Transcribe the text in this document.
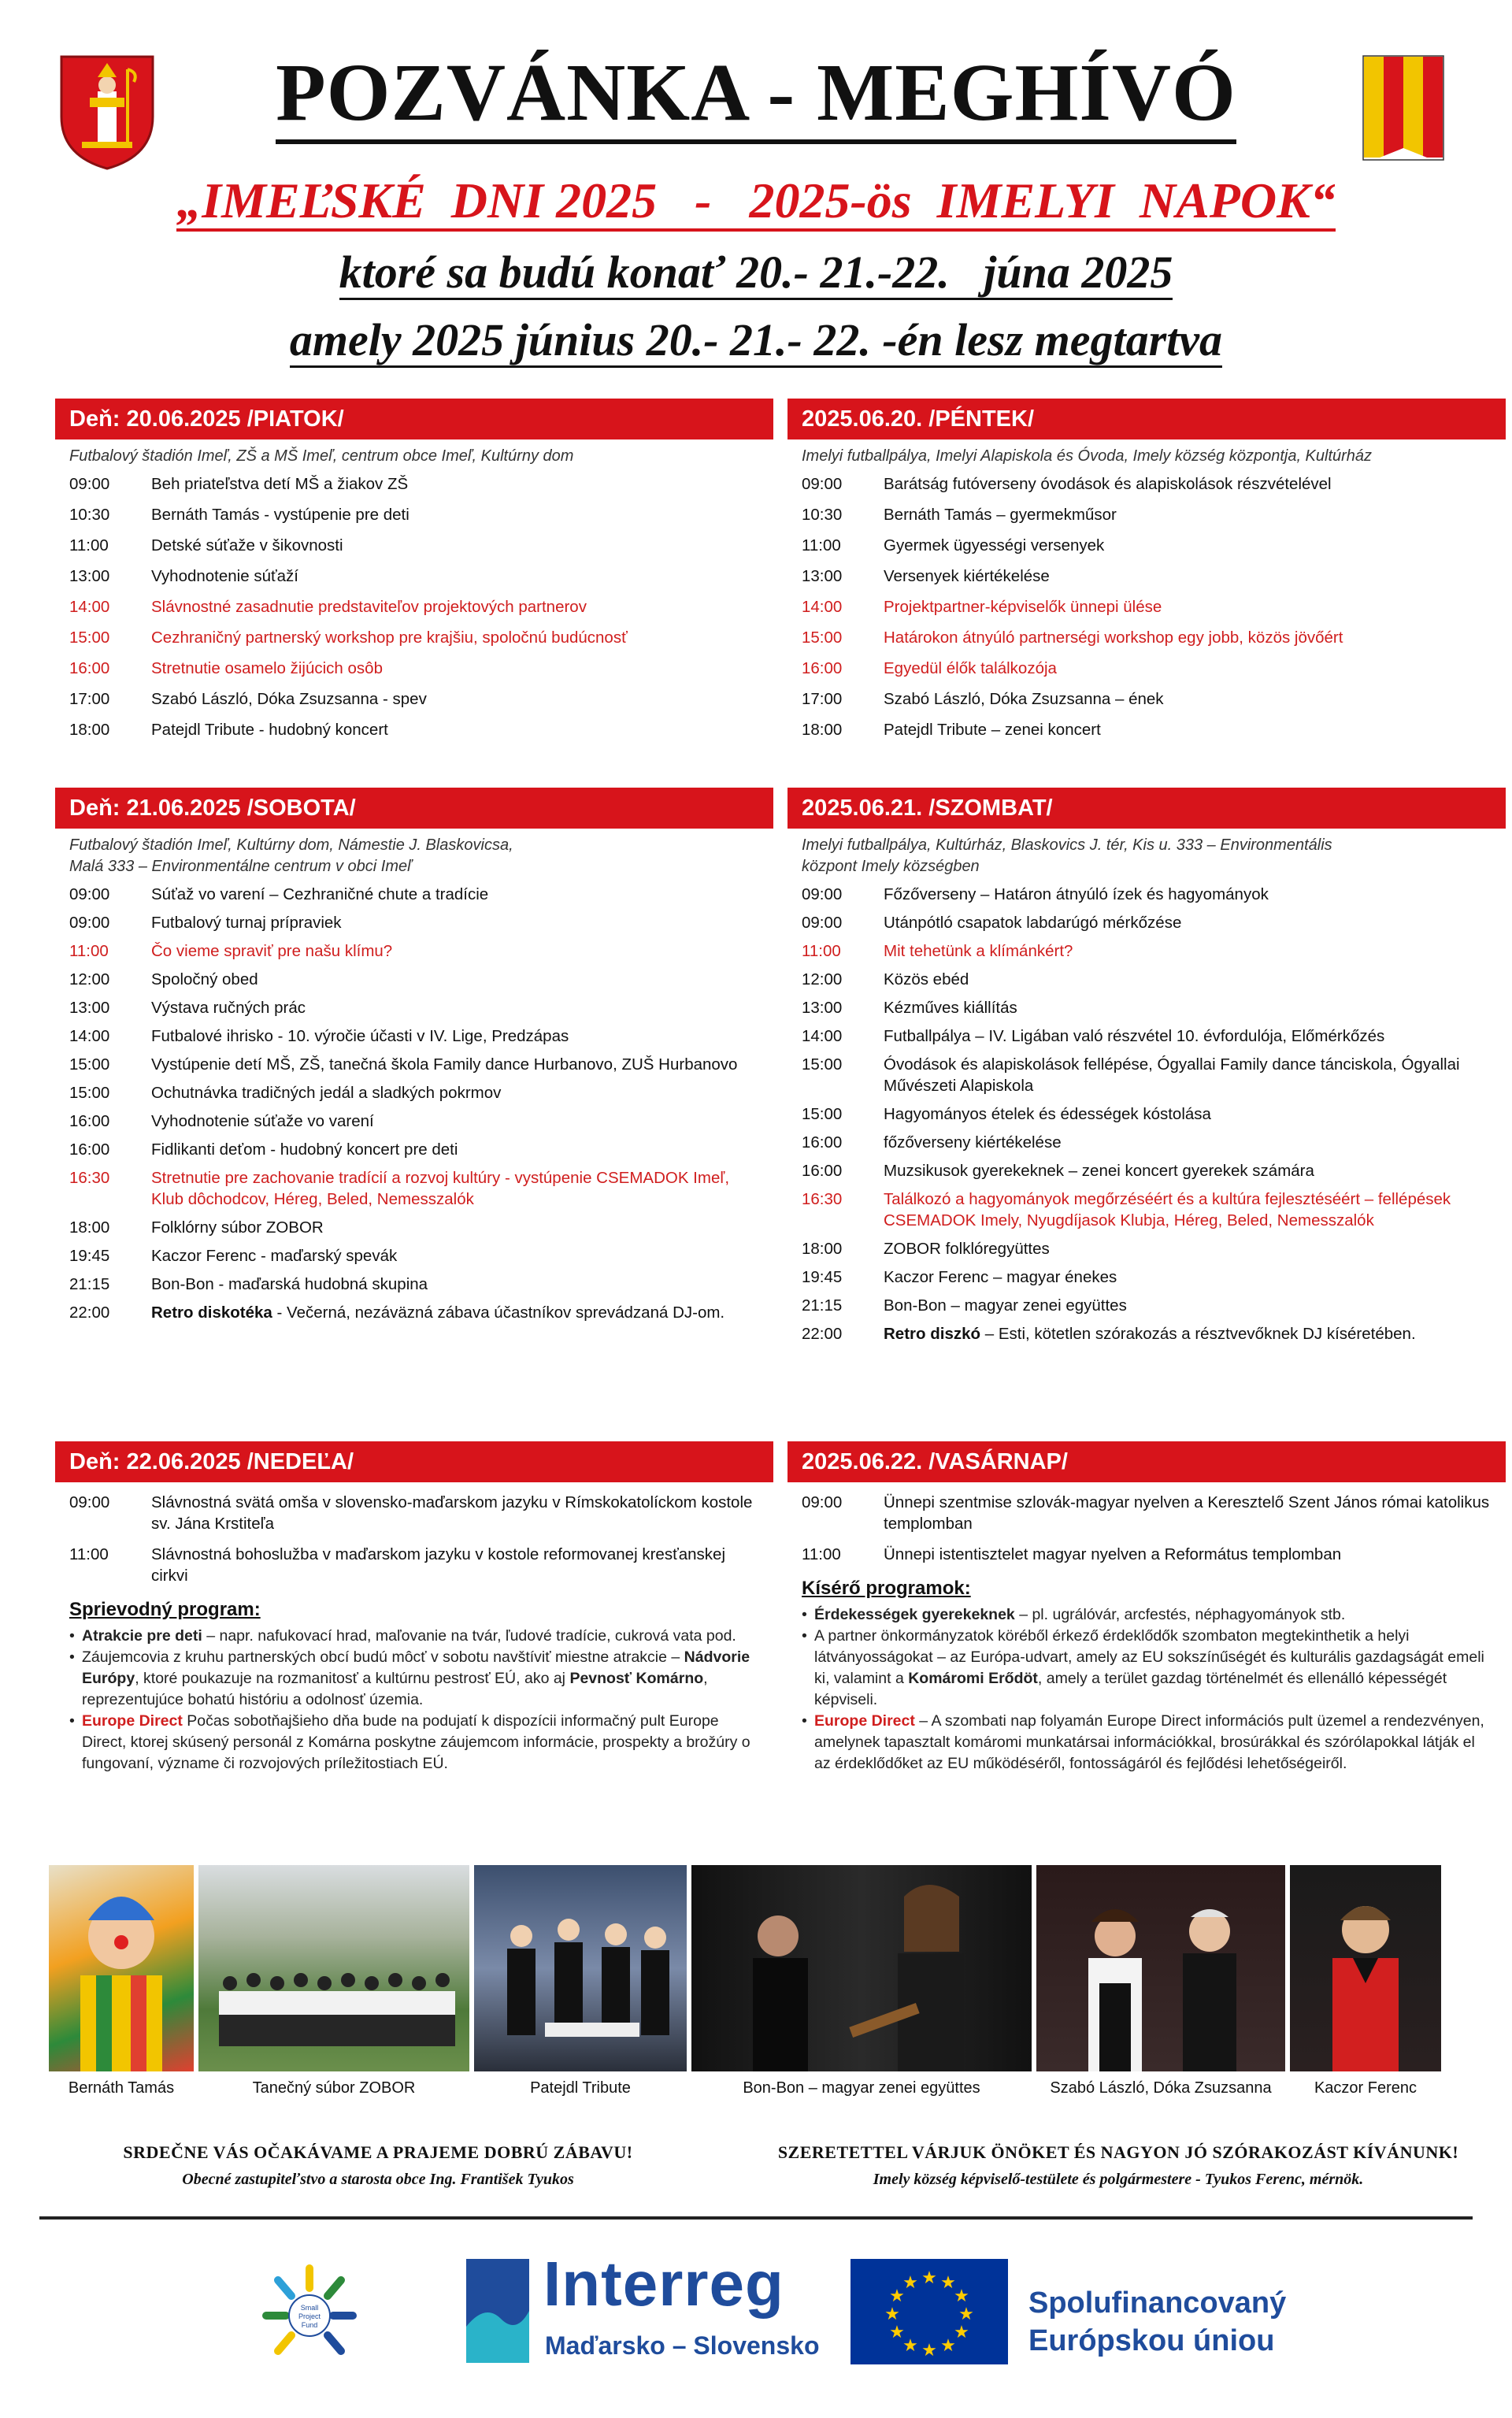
POZVÁNKA - MEGHÍVÓ
„IMEĽSKÉ  DNI 2025   -   2025-ös  IMELYI  NAPOK“
ktoré sa budú konať 20.- 21.-22.   júna 2025
amely 2025 június 20.- 21.- 22. -én lesz megtartva
Deň: 20.06.2025 /PIATOK/
Futbalový štadión Imeľ, ZŠ a MŠ Imeľ, centrum obce Imeľ, Kultúrny dom
09:00	Beh priateľstva detí MŠ a žiakov ZŠ
10:30	Bernáth Tamás - vystúpenie pre deti
11:00	Detské súťaže v šikovnosti
13:00	Vyhodnotenie súťaží
14:00	Slávnostné zasadnutie predstaviteľov projektových partnerov
15:00	Cezhraničný partnerský workshop pre krajšiu, spoločnú budúcnosť
16:00	Stretnutie osamelo žijúcich osôb
17:00	Szabó László, Dóka Zsuzsanna - spev
18:00	Patejdl Tribute - hudobný koncert
2025.06.20. /PÉNTEK/
Imelyi futballpálya, Imelyi Alapiskola és Óvoda, Imely község központja, Kultúrház
09:00	Barátság futóverseny óvodások és alapiskolások részvételével
10:30	Bernáth Tamás – gyermekműsor
11:00	Gyermek ügyességi versenyek
13:00	Versenyek kiértékelése
14:00	Projektpartner-képviselők ünnepi ülése
15:00	Határokon átnyúló partnerségi workshop egy jobb, közös jövőért
16:00	Egyedül élők találkozója
17:00	Szabó László, Dóka Zsuzsanna – ének
18:00	Patejdl Tribute – zenei koncert
Deň: 21.06.2025 /SOBOTA/
Futbalový štadión Imeľ, Kultúrny dom, Námestie J. Blaskovicsa,
Malá 333 – Environmentálne centrum v obci Imeľ
09:00	Súťaž vo varení – Cezhraničné chute a tradície
09:00	Futbalový turnaj prípraviek
11:00	Čo vieme spraviť pre našu klímu?
12:00	Spoločný obed
13:00	Výstava ručných prác
14:00	Futbalové ihrisko - 10. výročie účasti v IV. Lige, Predzápas
15:00	Vystúpenie detí MŠ, ZŠ, tanečná škola Family dance Hurbanovo, ZUŠ Hurbanovo
15:00	Ochutnávka tradičných jedál a sladkých pokrmov
16:00	Vyhodnotenie súťaže vo varení
16:00	Fidlikanti deťom - hudobný koncert pre deti
16:30	Stretnutie pre zachovanie tradícií a rozvoj kultúry - vystúpenie CSEMADOK Imeľ, Klub dôchodcov, Héreg, Beled, Nemesszalók
18:00	Folklórny súbor ZOBOR
19:45	Kaczor Ferenc - maďarský spevák
21:15	Bon-Bon - maďarská hudobná skupina
22:00	Retro diskotéka - Večerná, nezáväzná zábava účastníkov sprevádzaná DJ-om.
2025.06.21. /SZOMBAT/
Imelyi futballpálya, Kultúrház, Blaskovics J. tér, Kis u. 333 – Environmentális
központ Imely községben
09:00	Főzőverseny – Határon átnyúló ízek és hagyományok
09:00	Utánpótló csapatok labdarúgó mérkőzése
11:00	Mit tehetünk a klímánkért?
12:00	Közös ebéd
13:00	Kézműves kiállítás
14:00	Futballpálya – IV. Ligában való részvétel 10. évfordulója, Előmérkőzés
15:00	Óvodások és alapiskolások fellépése, Ógyallai Family dance tánciskola, Ógyallai Művészeti Alapiskola
15:00	Hagyományos ételek és édességek kóstolása
16:00	főzőverseny kiértékelése
16:00	Muzsikusok gyerekeknek – zenei koncert gyerekek számára
16:30	Találkozó a hagyományok megőrzéséért és a kultúra fejlesztéséért – fellépések CSEMADOK Imely, Nyugdíjasok Klubja, Héreg, Beled, Nemesszalók
18:00	ZOBOR folklóregyüttes
19:45	Kaczor Ferenc – magyar énekes
21:15	Bon-Bon – magyar zenei együttes
22:00	Retro diszkó – Esti, kötetlen szórakozás a résztvevőknek DJ kíséretében.
Deň: 22.06.2025 /NEDEĽA/
09:00	Slávnostná svätá omša v slovensko-maďarskom jazyku v Rímskokatolíckom kostole sv. Jána Krstiteľa
11:00	Slávnostná bohoslužba v maďarskom jazyku v kostole reformovanej kresťanskej cirkvi
Sprievodný program:
• Atrakcie pre deti – napr. nafukovací hrad, maľovanie na tvár, ľudové tradície, cukrová vata pod.
• Záujemcovia z kruhu partnerských obcí budú môcť v sobotu navštíviť miestne atrakcie – Nádvorie Európy, ktoré poukazuje na rozmanitosť a kultúrnu pestrosť EÚ, ako aj Pevnosť Komárno, reprezentujúce bohatú históriu a odolnosť územia.
• Europe Direct Počas sobotňajšieho dňa bude na podujatí k dispozícii informačný pult Europe Direct, ktorej skúsený personál z Komárna poskytne záujemcom informácie, prospekty a brožúry o fungovaní, význame či rozvojových príležitostiach EÚ.
2025.06.22. /VASÁRNAP/
09:00	Ünnepi szentmise szlovák-magyar nyelven a Keresztelő Szent János római katolikus templomban
11:00	Ünnepi istentisztelet magyar nyelven a Református templomban
Kísérő programok:
• Érdekességek gyerekeknek – pl. ugrálóvár, arcfestés, néphagyományok stb.
• A partner önkormányzatok köréből érkező érdeklődők szombaton megtekinthetik a helyi látványosságokat – az Európa-udvart, amely az EU sokszínűségét és kulturális gazdagságát emeli ki, valamint a Komáromi Erődöt, amely a terület gazdag történelmét és ellenálló képességét képviseli.
• Europe Direct – A szombati nap folyamán Europe Direct információs pult üzemel a rendezvényen, amelynek tapasztalt komáromi munkatársai információkkal, brosúrákkal és szórólapokkal látják el az érdeklődőket az EU működéséről, fontosságáról és fejlődési lehetőségeiről.
Bernáth Tamás	Tanečný súbor ZOBOR	Patejdl Tribute	Bon-Bon – magyar zenei együttes	Szabó László, Dóka Zsuzsanna	Kaczor Ferenc
SRDEČNE VÁS OČAKÁVAME A PRAJEME DOBRÚ ZÁBAVU!
Obecné zastupiteľstvo a starosta obce Ing. František Tyukos
SZERETETTEL VÁRJUK ÖNÖKET ÉS NAGYON JÓ SZÓRAKOZÁST KÍVÁNUNK!
Imely község képviselő-testülete és polgármestere - Tyukos Ferenc, mérnök.
Small
Project
Fund
Interreg
Maďarsko – Slovensko
★ ★
★
★
★
★
★
★
★
★
★
★
Spolufinancovaný
Európskou úniou
